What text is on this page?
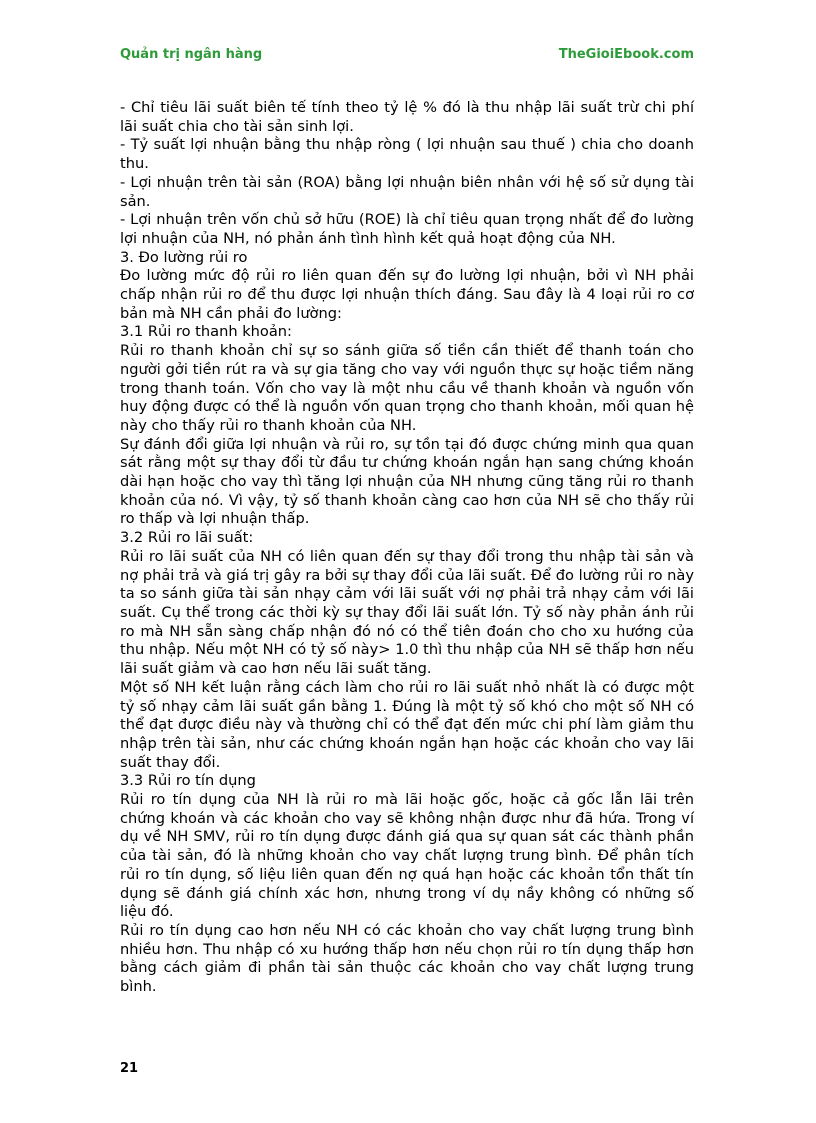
Quản trị ngân hàng	TheGioiEbook.com

- Chỉ tiêu lãi suất biên tế tính theo tỷ lệ % đó là thu nhập lãi suất trừ chi phí lãi suất chia cho tài sản sinh lợi.

- Tỷ suất lợi nhuận bằng thu nhập ròng ( lợi nhuận sau thuế ) chia cho doanh thu.

- Lợi nhuận trên tài sản (ROA) bằng lợi nhuận biên nhân với hệ số sử dụng tài sản.

- Lợi nhuận trên vốn chủ sở hữu (ROE) là chỉ tiêu quan trọng nhất để đo lường lợi nhuận của NH, nó phản ánh tình hình kết quả hoạt động của NH.

3. Đo lường rủi ro

Đo lường mức độ rủi ro liên quan đến sự đo lường lợi nhuận, bởi vì NH phải chấp nhận rủi ro để thu được lợi nhuận thích đáng. Sau đây là 4 loại rủi ro cơ bản mà NH cần phải đo lường:

3.1 Rủi ro thanh khoản:

Rủi ro thanh khoản chỉ sự so sánh giữa số tiền cần thiết để thanh toán cho người gởi tiền rút ra và sự gia tăng cho vay với nguồn thực sự hoặc tiềm năng trong thanh toán. Vốn cho vay là một nhu cầu về thanh khoản và nguồn vốn huy động được có thể là nguồn vốn quan trọng cho thanh khoản, mối quan hệ này cho thấy rủi ro thanh khoản của NH.

Sự đánh đổi giữa lợi nhuận và rủi ro, sự tồn tại đó được chứng minh qua quan sát rằng một sự thay đổi từ đầu tư chứng khoán ngắn hạn sang chứng khoán dài hạn hoặc cho vay thì tăng lợi nhuận của NH nhưng cũng tăng rủi ro thanh khoản của nó. Vì vậy, tỷ số thanh khoản càng cao hơn của NH sẽ cho thấy rủi ro thấp và lợi nhuận thấp.

3.2 Rủi ro lãi suất:

Rủi ro lãi suất của NH có liên quan đến sự thay đổi trong thu nhập tài sản và nợ phải trả và giá trị gây ra bởi sự thay đổi của lãi suất. Để đo lường rủi ro này ta so sánh giữa tài sản nhạy cảm với lãi suất với nợ phải trả nhạy cảm với lãi suất. Cụ thể trong các thời kỳ sự thay đổi lãi suất lớn. Tỷ số này phản ánh rủi ro mà NH sẵn sàng chấp nhận đó nó có thể tiên đoán cho cho xu hướng của thu nhập. Nếu một NH có tỷ số này> 1.0 thì thu nhập của NH sẽ thấp hơn nếu lãi suất giảm và cao hơn nếu lãi suất tăng.

Một số NH kết luận rằng cách làm cho rủi ro lãi suất nhỏ nhất là có được một tỷ số nhạy cảm lãi suất gần bằng 1. Đúng là một tỷ số khó cho một số NH có thể đạt được điều này và thường chỉ có thể đạt đến mức chi phí làm giảm thu nhập trên tài sản, như các chứng khoán ngắn hạn hoặc các khoản cho vay lãi suất thay đổi.

3.3 Rủi ro tín dụng

Rủi ro tín dụng của NH là rủi ro mà lãi hoặc gốc, hoặc cả gốc lẫn lãi trên chứng khoán và các khoản cho vay sẽ không nhận được như đã hứa. Trong ví dụ về NH SMV, rủi ro tín dụng được đánh giá qua sự quan sát các thành phần của tài sản, đó là những khoản cho vay chất lượng trung bình. Để phân tích rủi ro tín dụng, số liệu liên quan đến nợ quá hạn hoặc các khoản tổn thất tín dụng sẽ đánh giá chính xác hơn, nhưng trong ví dụ nầy không có những số liệu đó.

Rủi ro tín dụng cao hơn nếu NH có các khoản cho vay chất lượng trung bình nhiều hơn. Thu nhập có xu hướng thấp hơn nếu chọn rủi ro tín dụng thấp hơn bằng cách giảm đi phần tài sản thuộc các khoản cho vay chất lượng trung bình.

21
